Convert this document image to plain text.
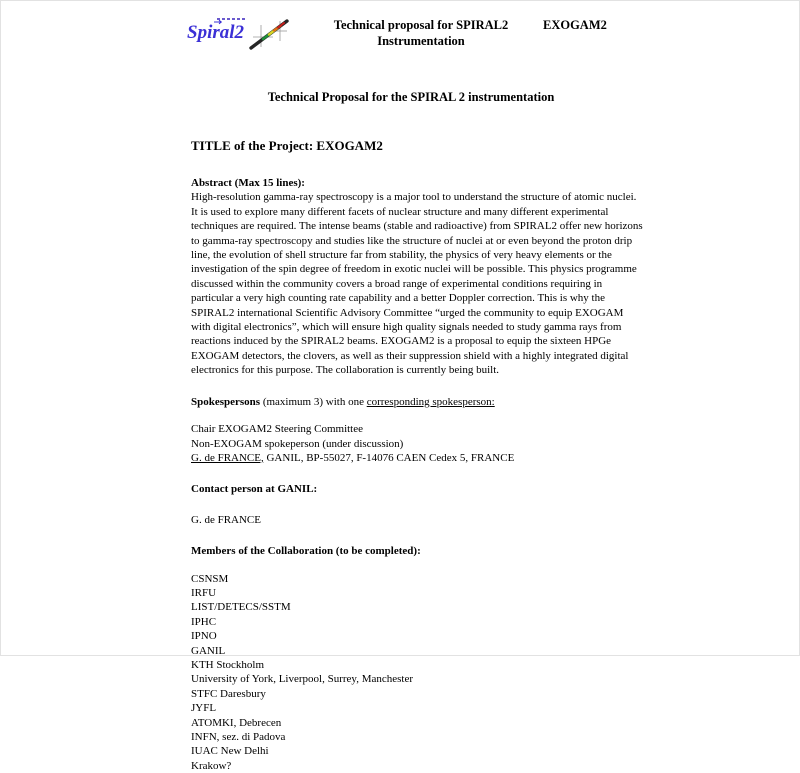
Spiral2	Technical proposal for SPIRAL2
Instrumentation
EXOGAM2
Technical Proposal for the SPIRAL 2 instrumentation
TITLE of the Project: EXOGAM2
Abstract (Max 15 lines):
High-resolution gamma-ray spectroscopy is a major tool to understand the structure of atomic nuclei.
It is used to explore many different facets of nuclear structure and many different experimental
techniques are required. The intense beams (stable and radioactive) from SPIRAL2 offer new horizons
to gamma-ray spectroscopy and studies like the structure of nuclei at or even beyond the proton drip
line, the evolution of shell structure far from stability, the physics of very heavy elements or the
investigation of the spin degree of freedom in exotic nuclei will be possible. This physics programme
discussed within the community covers a broad range of experimental conditions requiring in
particular a very high counting rate capability and a better Doppler correction. This is why the
SPIRAL2 international Scientific Advisory Committee “urged the community to equip EXOGAM
with digital electronics”, which will ensure high quality signals needed to study gamma rays from
reactions induced by the SPIRAL2 beams. EXOGAM2 is a proposal to equip the sixteen HPGe
EXOGAM detectors, the clovers, as well as their suppression shield with a highly integrated digital
electronics for this purpose. The collaboration is currently being built.
Spokespersons (maximum 3) with one corresponding spokesperson:
Chair EXOGAM2 Steering Committee
Non-EXOGAM spokeperson (under discussion)
G. de FRANCE, GANIL, BP-55027, F-14076 CAEN Cedex 5, FRANCE
Contact person at GANIL:
G. de FRANCE
Members of the Collaboration (to be completed):
CSNSM
IRFU
LIST/DETECS/SSTM
IPHC
IPNO
GANIL
KTH Stockholm
University of York, Liverpool, Surrey, Manchester
STFC Daresbury
JYFL
ATOMKI, Debrecen
INFN, sez. di Padova
IUAC New Delhi
Krakow?
